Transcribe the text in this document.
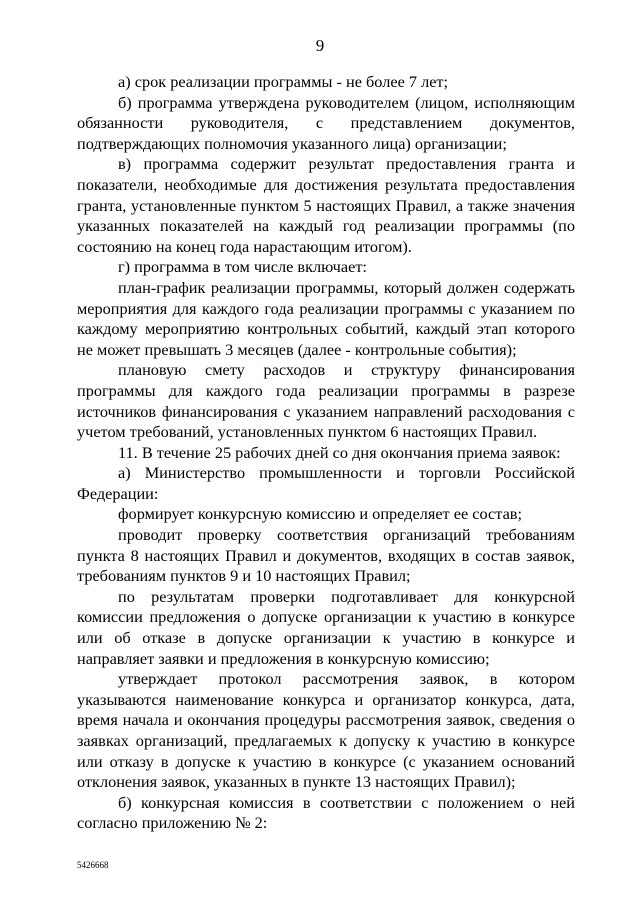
9

а) срок реализации программы - не более 7 лет;

б) программа утверждена руководителем (лицом, исполняющим обязанности руководителя, с представлением документов, подтверждающих полномочия указанного лица) организации;

в) программа содержит результат предоставления гранта и показатели, необходимые для достижения результата предоставления гранта, установленные пунктом 5 настоящих Правил, а также значения указанных показателей на каждый год реализации программы (по состоянию на конец года нарастающим итогом).

г) программа в том числе включает:

план-график реализации программы, который должен содержать мероприятия для каждого года реализации программы с указанием по каждому мероприятию контрольных событий, каждый этап которого не может превышать 3 месяцев (далее - контрольные события);

плановую смету расходов и структуру финансирования программы для каждого года реализации программы в разрезе источников финансирования с указанием направлений расходования с учетом требований, установленных пунктом 6 настоящих Правил.

11. В течение 25 рабочих дней со дня окончания приема заявок:

а) Министерство промышленности и торговли Российской Федерации:

формирует конкурсную комиссию и определяет ее состав;

проводит проверку соответствия организаций требованиям пункта 8 настоящих Правил и документов, входящих в состав заявок, требованиям пунктов 9 и 10 настоящих Правил;

по результатам проверки подготавливает для конкурсной комиссии предложения о допуске организации к участию в конкурсе или об отказе в допуске организации к участию в конкурсе и направляет заявки и предложения в конкурсную комиссию;

утверждает протокол рассмотрения заявок, в котором указываются наименование конкурса и организатор конкурса, дата, время начала и окончания процедуры рассмотрения заявок, сведения о заявках организаций, предлагаемых к допуску к участию в конкурсе или отказу в допуске к участию в конкурсе (с указанием оснований отклонения заявок, указанных в пункте 13 настоящих Правил);

б) конкурсная комиссия в соответствии с положением о ней согласно приложению № 2:

5426668
